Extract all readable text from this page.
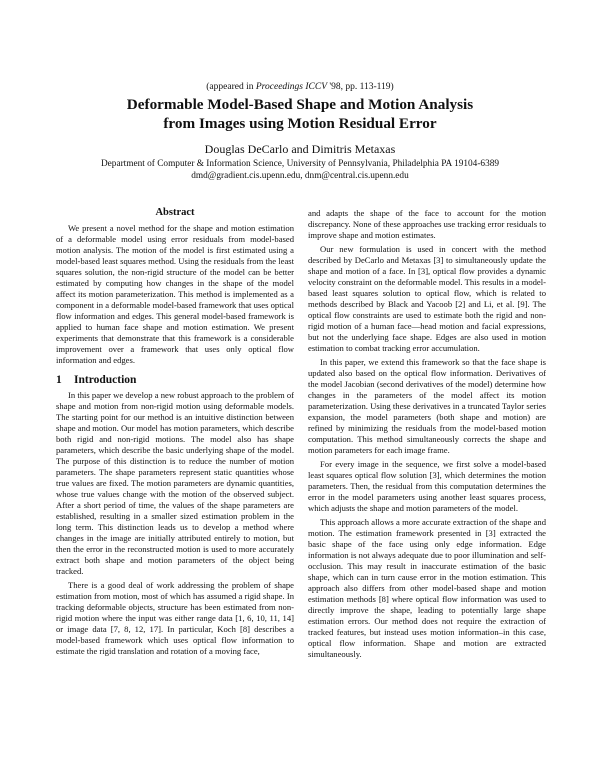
(appeared in Proceedings ICCV '98, pp. 113-119)
Deformable Model-Based Shape and Motion Analysis
from Images using Motion Residual Error
Douglas DeCarlo and Dimitris Metaxas
Department of Computer & Information Science, University of Pennsylvania, Philadelphia PA 19104-6389
dmd@gradient.cis.upenn.edu, dnm@central.cis.upenn.edu
Abstract

We present a novel method for the shape and motion estimation of a deformable model using error residuals from model-based motion analysis. The motion of the model is first estimated using a model-based least squares method. Using the residuals from the least squares solution, the non-rigid structure of the model can be better estimated by computing how changes in the shape of the model affect its motion parameterization. This method is implemented as a component in a deformable model-based framework that uses optical flow information and edges. This general model-based framework is applied to human face shape and motion estimation. We present experiments that demonstrate that this framework is a considerable improvement over a framework that uses only optical flow information and edges.

1 Introduction

In this paper we develop a new robust approach to the problem of shape and motion from non-rigid motion using deformable models. The starting point for our method is an intuitive distinction between shape and motion. Our model has motion parameters, which describe both rigid and non-rigid motions. The model also has shape parameters, which describe the basic underlying shape of the model. The purpose of this distinction is to reduce the number of motion parameters. The shape parameters represent static quantities whose true values are fixed. The motion parameters are dynamic quantities, whose true values change with the motion of the observed subject. After a short period of time, the values of the shape parameters are established, resulting in a smaller sized estimation problem in the long term. This distinction leads us to develop a method where changes in the image are initially attributed entirely to motion, but then the error in the reconstructed motion is used to more accurately extract both shape and motion parameters of the object being tracked.

There is a good deal of work addressing the problem of shape estimation from motion, most of which has assumed a rigid shape. In tracking deformable objects, structure has been estimated from non-rigid motion where the input was either range data [1, 6, 10, 11, 14] or image data [7, 8, 12, 17]. In particular, Koch [8] describes a model-based framework which uses optical flow information to estimate the rigid translation and rotation of a moving face,

and adapts the shape of the face to account for the motion discrepancy. None of these approaches use tracking error residuals to improve shape and motion estimates.

Our new formulation is used in concert with the method described by DeCarlo and Metaxas [3] to simultaneously update the shape and motion of a face. In [3], optical flow provides a dynamic velocity constraint on the deformable model. This results in a model-based least squares solution to optical flow, which is related to methods described by Black and Yacoob [2] and Li, et al. [9]. The optical flow constraints are used to estimate both the rigid and non-rigid motion of a human face—head motion and facial expressions, but not the underlying face shape. Edges are also used in motion estimation to combat tracking error accumulation.

In this paper, we extend this framework so that the face shape is updated also based on the optical flow information. Derivatives of the model Jacobian (second derivatives of the model) determine how changes in the parameters of the model affect its motion parameterization. Using these derivatives in a truncated Taylor series expansion, the model parameters (both shape and motion) are refined by minimizing the residuals from the model-based motion computation. This method simultaneously corrects the shape and motion parameters for each image frame.

For every image in the sequence, we first solve a model-based least squares optical flow solution [3], which determines the motion parameters. Then, the residual from this computation determines the error in the model parameters using another least squares process, which adjusts the shape and motion parameters of the model.

This approach allows a more accurate extraction of the shape and motion. The estimation framework presented in [3] extracted the basic shape of the face using only edge information. Edge information is not always adequate due to poor illumination and self-occlusion. This may result in inaccurate estimation of the basic shape, which can in turn cause error in the motion estimation. This approach also differs from other model-based shape and motion estimation methods [8] where optical flow information was used to directly improve the shape, leading to potentially large shape estimation errors. Our method does not require the extraction of tracked features, but instead uses motion information–in this case, optical flow information. Shape and motion are extracted simultaneously.
